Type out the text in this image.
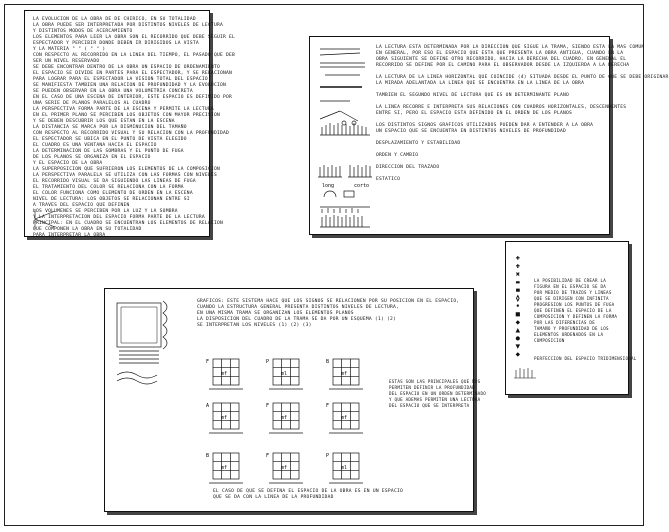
LA EVOLUCION DE LA OBRA DE DE CHIRICO, EN SU TOTALIDAD
LA OBRA PUEDE SER INTERPRETADA POR DISTINTOS NIVELES DE LECTURA
Y DISTINTOS MODOS DE ACERCAMIENTO
LOS ELEMENTOS PARA LEER LA OBRA SON EL RECORRIDO QUE DEBE SEGUIR EL
ESPECTADOR Y PERCIBIR DONDE DEBEN IR DIRIGIDOS LA VISTA
Y LA MATERIA " " ( " " )
CON RESPECTO AL RECORRIDO EN LA LINEA DEL TIEMPO, EL PASADO QUE DEB
SER UN NIVEL RESERVADO
SE DEBE ENCONTRAR DENTRO DE LA OBRA UN ESPACIO DE ORDENAMIENTO
EL ESPACIO SE DIVIDE EN PARTES PARA EL ESPECTADOR, Y SE RELACIONAN
PARA LOGRAR PARA EL ESPECTADOR LA VISION TOTAL DEL ESPACIO
SE MANIFIESTA TAMBIEN UNA RELACION DE PROFUNDIDAD Y LA EVOLUCION
SE PUEDEN OBSERVAR EN LA OBRA UNA VOLUMETRIA CONCRETA
EN EL CASO DE UNA ESCENA DE INTERIOR, ESTE ESPACIO ES DEFINIDO POR
UNA SERIE DE PLANOS PARALELOS AL CUADRO
LA PERSPECTIVA FORMA PARTE DE LA ESCENA Y PERMITE LA LECTURA
EN EL PRIMER PLANO SE PERCIBEN LOS OBJETOS CON MAYOR PRECISION
Y SE DEBEN DESCUBRIR LOS QUE ESTAN EN LA ESCENA
LA DISTANCIA SE MARCA POR LA DISMINUCION DEL TAMAÑO
CON RESPECTO AL RECORRIDO VISUAL Y SU RELACION CON LA PROFUNDIDAD
EL ESPECTADOR SE UBICA EN EL PUNTO DE VISTA ELEGIDO
EL CUADRO ES UNA VENTANA HACIA EL ESPACIO
LA DETERMINACION DE LAS SOMBRAS Y EL PUNTO DE FUGA
DE LOS PLANOS SE ORGANIZA EN EL ESPACIO
Y EL ESPACIO DE LA OBRA
LA SUPERPOSICION QUE SUFRIERON LOS ELEMENTOS DE LA COMPOSICION
LA PERSPECTIVA PARALELA SE UTILIZA CON LAS FORMAS CON NIVELES
EL RECORRIDO VISUAL SE DA SIGUIENDO LAS LINEAS DE FUGA
EL TRATAMIENTO DEL COLOR SE RELACIONA CON LA FORMA
EL COLOR FUNCIONA COMO ELEMENTO DE ORDEN EN LA ESCENA
NIVEL DE LECTURA: LOS OBJETOS SE RELACIONAN ENTRE SI
A TRAVES DEL ESPACIO QUE DEFINEN
LOS VOLUMENES SE PERCIBEN POR LA LUZ Y LA SOMBRA
Y LA INTERPRETACION DEL ESPACIO FORMA PARTE DE LA LECTURA
PRINCIPAL: EN EL CUADRO SE ENCUENTRAN LOS ELEMENTOS DE RELACION
QUE COMPONEN LA OBRA EN SU TOTALIDAD
PARA INTERPRETAR LA OBRA
long	corto
LA LECTURA ESTA DETERMINADA POR LA DIRECCION QUE SIGUE LA TRAMA, SIENDO ESTA LA MAS COMUN
EN GENERAL, POR ESO EL ESPACIO QUE ESTA QUE PRESENTA LA OBRA ANTIGUA, CUANDO EN LA
OBRA SIGUIENTE SE DEFINE OTRO RECORRIDO, HACIA LA DERECHA DEL CUADRO. EN GENERAL EL
RECORRIDO SE DEFINE POR EL CAMINO PARA EL OBSERVADOR DESDE LA IZQUIERDA A LA DERECHA
LA LECTURA DE LA LINEA HORIZONTAL QUE COINCIDE (4) SITUADA DESDE EL PUNTO DE QUE SE DEBE ORIGINAR
LA MIRADA ADELANTADA LA LINEA QUE SE ENCUENTRA EN LA LINEA DE LA OBRA
TAMBIEN EL SEGUNDO NIVEL DE LECTURA QUE ES UN DETERMINANTE PLANO
LA LINEA RECORRE E INTERPRETA SUS RELACIONES CON CUADROS HORIZONTALES, DESCENDENTES
ENTRE SI, PERO EL ESPACIO ESTA DEFINIDO EN EL ORDEN DE LOS PLANOS
LOS DISTINTOS SIGNOS GRAFICOS UTILIZADOS PUEDEN DAR A ENTENDER A LA OBRA
UN ESPACIO QUE SE ENCUENTRA EN DISTINTOS NIVELES DE PROFUNDIDAD
DESPLAZAMIENTO Y ESTABILIDAD
ORDEN Y CAMBIO
DIRECCION DEL TRAZADO
ESTATICO
+
÷
×
=
≡
◊
•
■
◆
▲
●
▼
◆
LA POSIBILIDAD DE CREAR LA
FIGURA EN EL ESPACIO SE DA
POR MEDIO DE TRAZOS Y LINEAS
QUE SE DIRIGEN CON INFINITA
PROGRESION LOS PUNTOS DE FUGA
QUE DEFINEN EL ESPACIO DE LA
COMPOSICION Y DEFINEN LA FORMA
POR LAS DIFERENCIAS DE
TAMAÑO Y PROFUNDIDAD DE LOS
ELEMENTOS ORDENADOS EN LA
COMPOSICION
PERFECCION DEL ESPACIO TRIDIMENSIONAL
mf
F
ml
P
mf
B
mf
A
mf
F
mf
F
mf
B
mf
F
ml
P
GRAFICOS: ESTE SISTEMA HACE QUE LOS SIGNOS SE RELACIONEN POR SU POSICION EN EL ESPACIO,
CUANDO LA ESTRUCTURA GENERAL PRESENTA DISTINTOS NIVELES DE LECTURA,
EN UNA MISMA TRAMA SE ORGANIZAN LOS ELEMENTOS PLANOS
LA DISPOSICION DEL CUADRO DE LA TRAMA SE DA POR UN ESQUEMA (1) (2)
SE INTERPRETAN LOS NIVELES (1) (2) (3)
ESTAS SON LAS PRINCIPALES QUE NOS
PERMITEN DEFINIR LA PROFUNDIDAD
DEL ESPACIO EN UN ORDEN DETERMINADO
Y QUE ADEMAS PERMITEN UNA LECTURA
DEL ESPACIO QUE SE INTERPRETA
EL CASO DE QUE SE DEFINA EL ESPACIO DE LA OBRA ES EN UN ESPACIO
QUE SE DA CON LA LINEA DE LA PROFUNDIDAD
